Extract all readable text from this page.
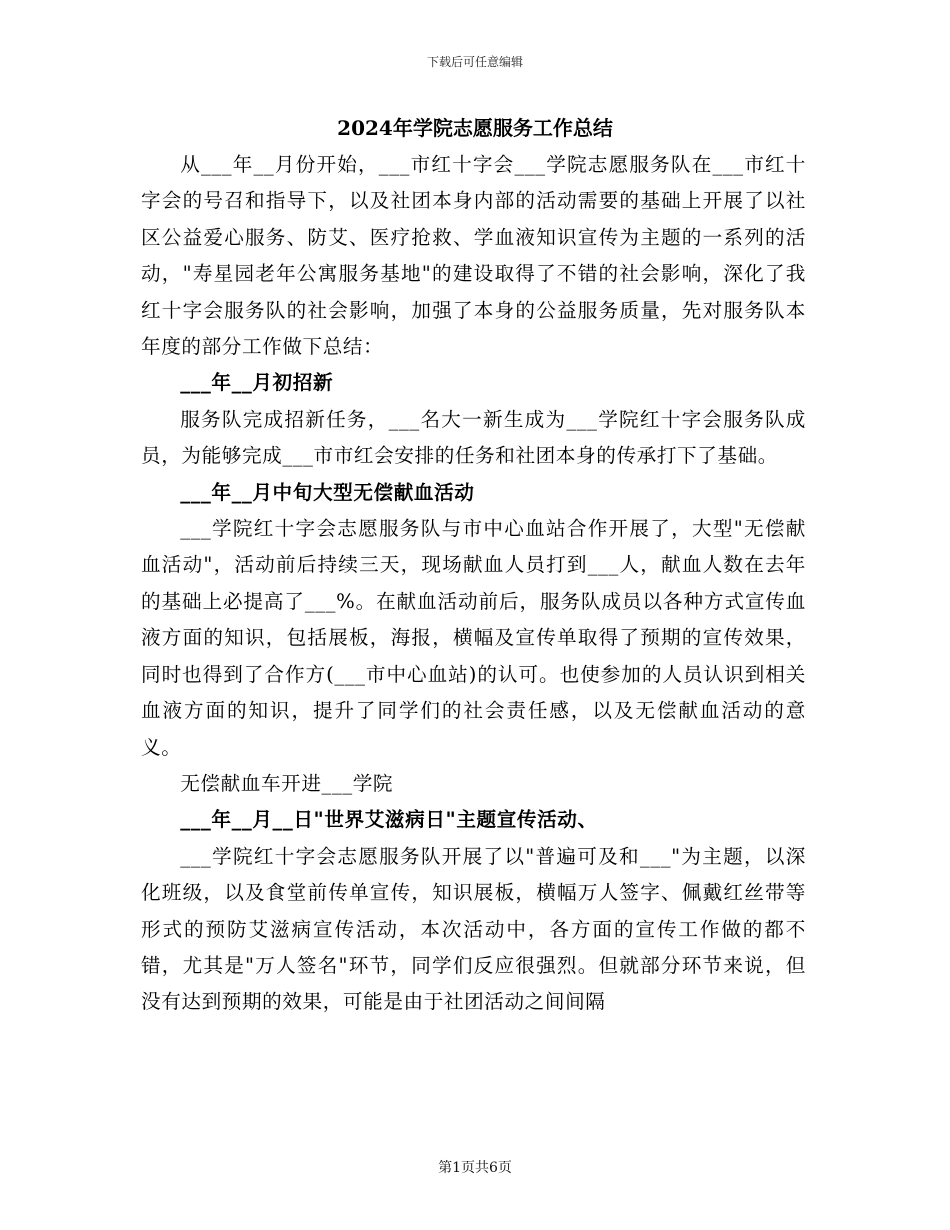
下载后可任意编辑
2024年学院志愿服务工作总结

从___年__月份开始，___市红十字会___学院志愿服务队在___市红十字会的号召和指导下，以及社团本身内部的活动需要的基础上开展了以社区公益爱心服务、防艾、医疗抢救、学血液知识宣传为主题的一系列的活动，"寿星园老年公寓服务基地"的建设取得了不错的社会影响，深化了我红十字会服务队的社会影响，加强了本身的公益服务质量，先对服务队本年度的部分工作做下总结：

___年__月初招新

服务队完成招新任务，___名大一新生成为___学院红十字会服务队成员，为能够完成___市市红会安排的任务和社团本身的传承打下了基础。

___年__月中旬大型无偿献血活动

___学院红十字会志愿服务队与市中心血站合作开展了，大型"无偿献血活动"，活动前后持续三天，现场献血人员打到___人，献血人数在去年的基础上必提高了___%。在献血活动前后，服务队成员以各种方式宣传血液方面的知识，包括展板，海报，横幅及宣传单取得了预期的宣传效果，同时也得到了合作方(___市中心血站)的认可。也使参加的人员认识到相关血液方面的知识，提升了同学们的社会责任感，以及无偿献血活动的意义。

无偿献血车开进___学院

___年__月__日"世界艾滋病日"主题宣传活动、

___学院红十字会志愿服务队开展了以"普遍可及和___"为主题，以深化班级，以及食堂前传单宣传，知识展板，横幅万人签字、佩戴红丝带等形式的预防艾滋病宣传活动，本次活动中，各方面的宣传工作做的都不错，尤其是"万人签名"环节，同学们反应很强烈。但就部分环节来说，但没有达到预期的效果，可能是由于社团活动之间间隔

第1页共6页
